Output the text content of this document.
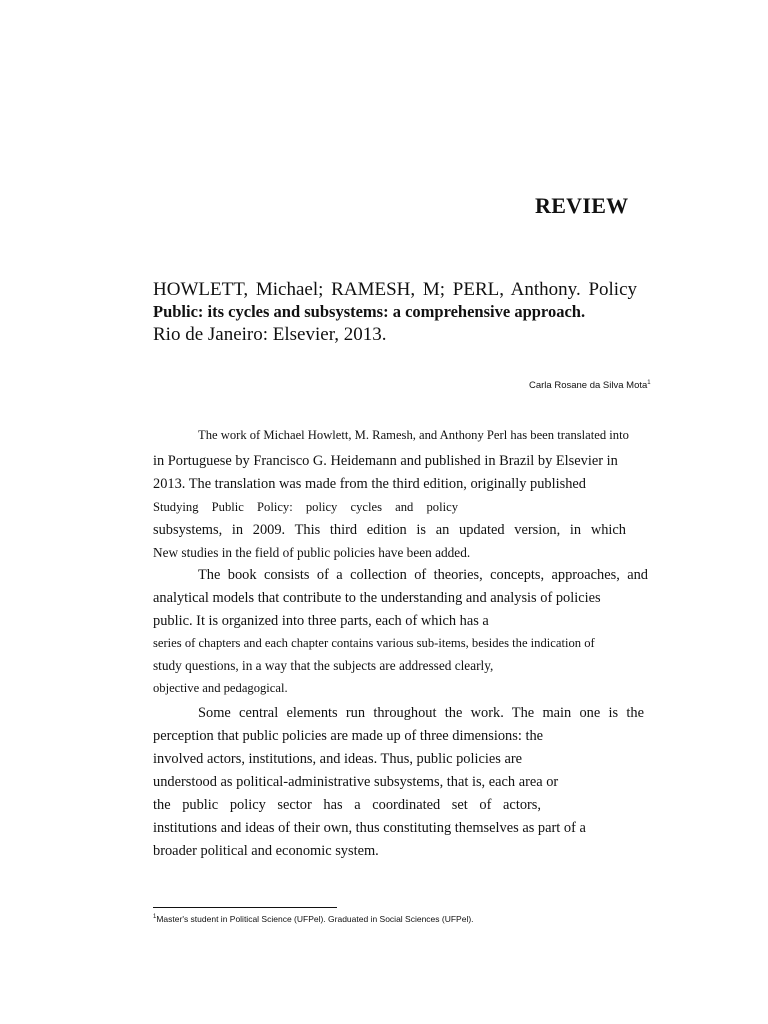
REVIEW
HOWLETT, Michael; RAMESH, M; PERL, Anthony. Policy
Public: its cycles and subsystems: a comprehensive approach.
Rio de Janeiro: Elsevier, 2013.
Carla Rosane da Silva Mota$^1$
The work of Michael Howlett, M. Ramesh, and Anthony Perl has been translated into
in Portuguese by Francisco G. Heidemann and published in Brazil by Elsevier in
2013. The translation was made from the third edition, originally published
Studying Public Policy: policy cycles and policy
subsystems, in 2009. This third edition is an updated version, in which
New studies in the field of public policies have been added.
The book consists of a collection of theories, concepts, approaches, and
analytical models that contribute to the understanding and analysis of policies
public. It is organized into three parts, each of which has a
series of chapters and each chapter contains various sub-items, besides the indication of
study questions, in a way that the subjects are addressed clearly,
objective and pedagogical.
Some central elements run throughout the work. The main one is the
perception that public policies are made up of three dimensions: the
involved actors, institutions, and ideas. Thus, public policies are
understood as political-administrative subsystems, that is, each area or
the public policy sector has a coordinated set of actors,
institutions and ideas of their own, thus constituting themselves as part of a
broader political and economic system.
$^1$Master's student in Political Science (UFPel). Graduated in Social Sciences (UFPel).
